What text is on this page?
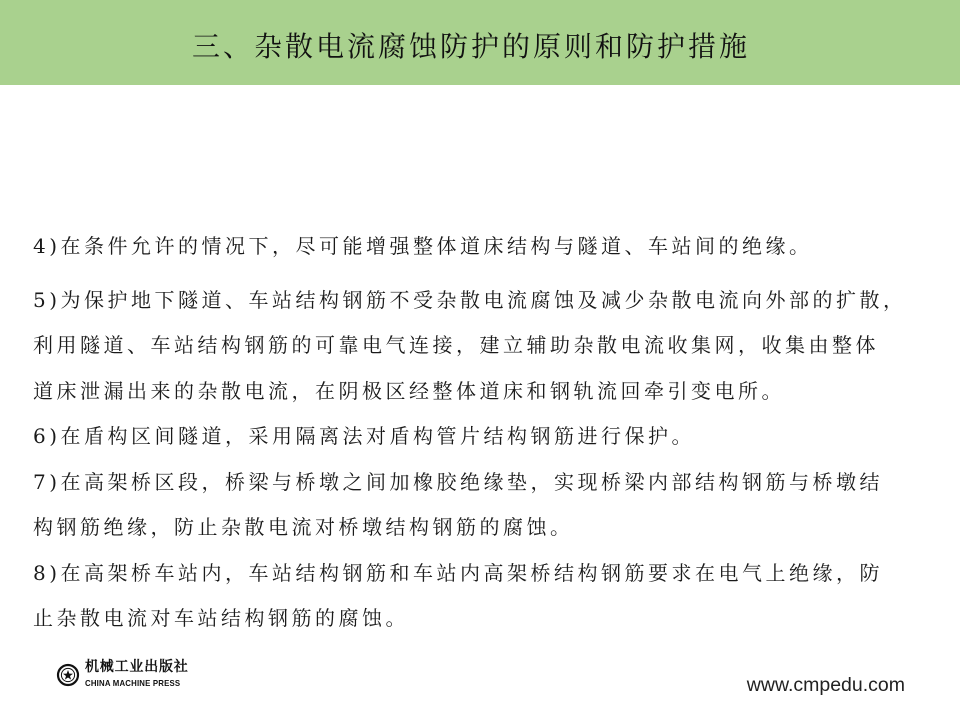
三、杂散电流腐蚀防护的原则和防护措施
4)在条件允许的情况下，尽可能增强整体道床结构与隧道、车站间的绝缘。
5)为保护地下隧道、车站结构钢筋不受杂散电流腐蚀及减少杂散电流向外部的扩散，
利用隧道、车站结构钢筋的可靠电气连接，建立辅助杂散电流收集网，收集由整体
道床泄漏出来的杂散电流，在阴极区经整体道床和钢轨流回牵引变电所。
6)在盾构区间隧道，采用隔离法对盾构管片结构钢筋进行保护。
7)在高架桥区段，桥梁与桥墩之间加橡胶绝缘垫，实现桥梁内部结构钢筋与桥墩结
构钢筋绝缘，防止杂散电流对桥墩结构钢筋的腐蚀。
8)在高架桥车站内，车站结构钢筋和车站内高架桥结构钢筋要求在电气上绝缘，防
止杂散电流对车站结构钢筋的腐蚀。
机械工业出版社
CHINA MACHINE PRESS	www.cmpedu.com
